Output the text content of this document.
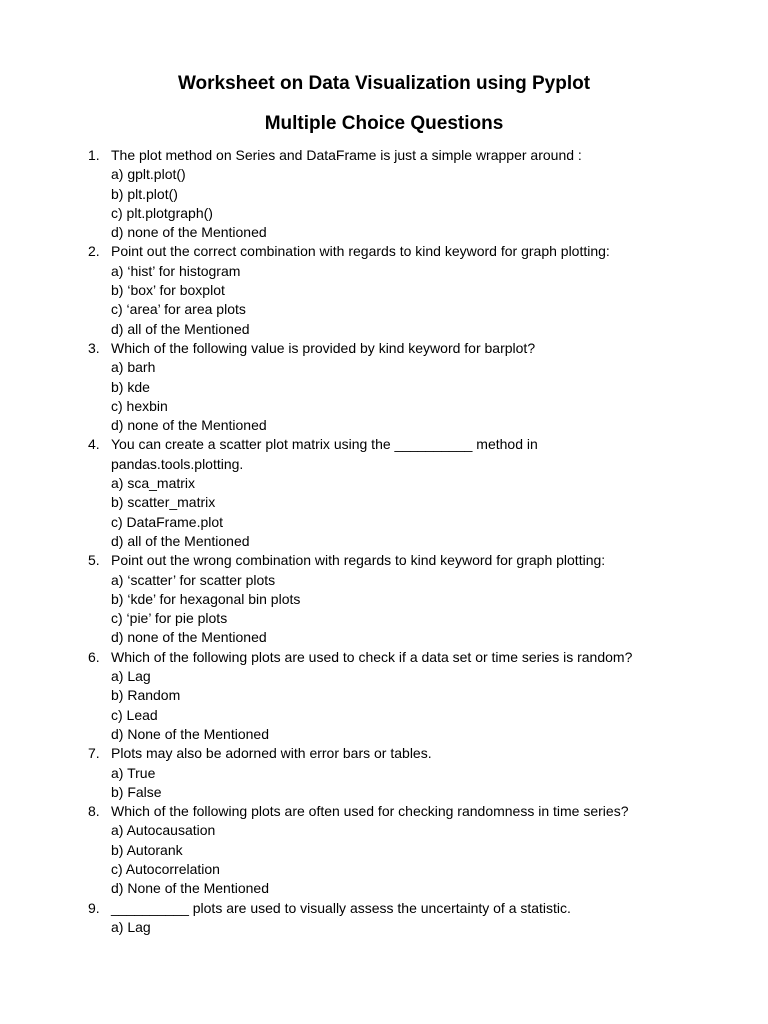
Worksheet on Data Visualization using Pyplot
Multiple Choice Questions
1. The plot method on Series and DataFrame is just a simple wrapper around :
a) gplt.plot()
b) plt.plot()
c) plt.plotgraph()
d) none of the Mentioned
2. Point out the correct combination with regards to kind keyword for graph plotting:
a) ‘hist’ for histogram
b) ‘box’ for boxplot
c) ‘area’ for area plots
d) all of the Mentioned
3. Which of the following value is provided by kind keyword for barplot?
a) barh
b) kde
c) hexbin
d) none of the Mentioned
4. You can create a scatter plot matrix using the __________ method in pandas.tools.plotting.
a) sca_matrix
b) scatter_matrix
c) DataFrame.plot
d) all of the Mentioned
5. Point out the wrong combination with regards to kind keyword for graph plotting:
a) ‘scatter’ for scatter plots
b) ‘kde’ for hexagonal bin plots
c) ‘pie’ for pie plots
d) none of the Mentioned
6. Which of the following plots are used to check if a data set or time series is random?
a) Lag
b) Random
c) Lead
d) None of the Mentioned
7. Plots may also be adorned with error bars or tables.
a) True
b) False
8. Which of the following plots are often used for checking randomness in time series?
a) Autocausation
b) Autorank
c) Autocorrelation
d) None of the Mentioned
9. __________ plots are used to visually assess the uncertainty of a statistic.
a) Lag
